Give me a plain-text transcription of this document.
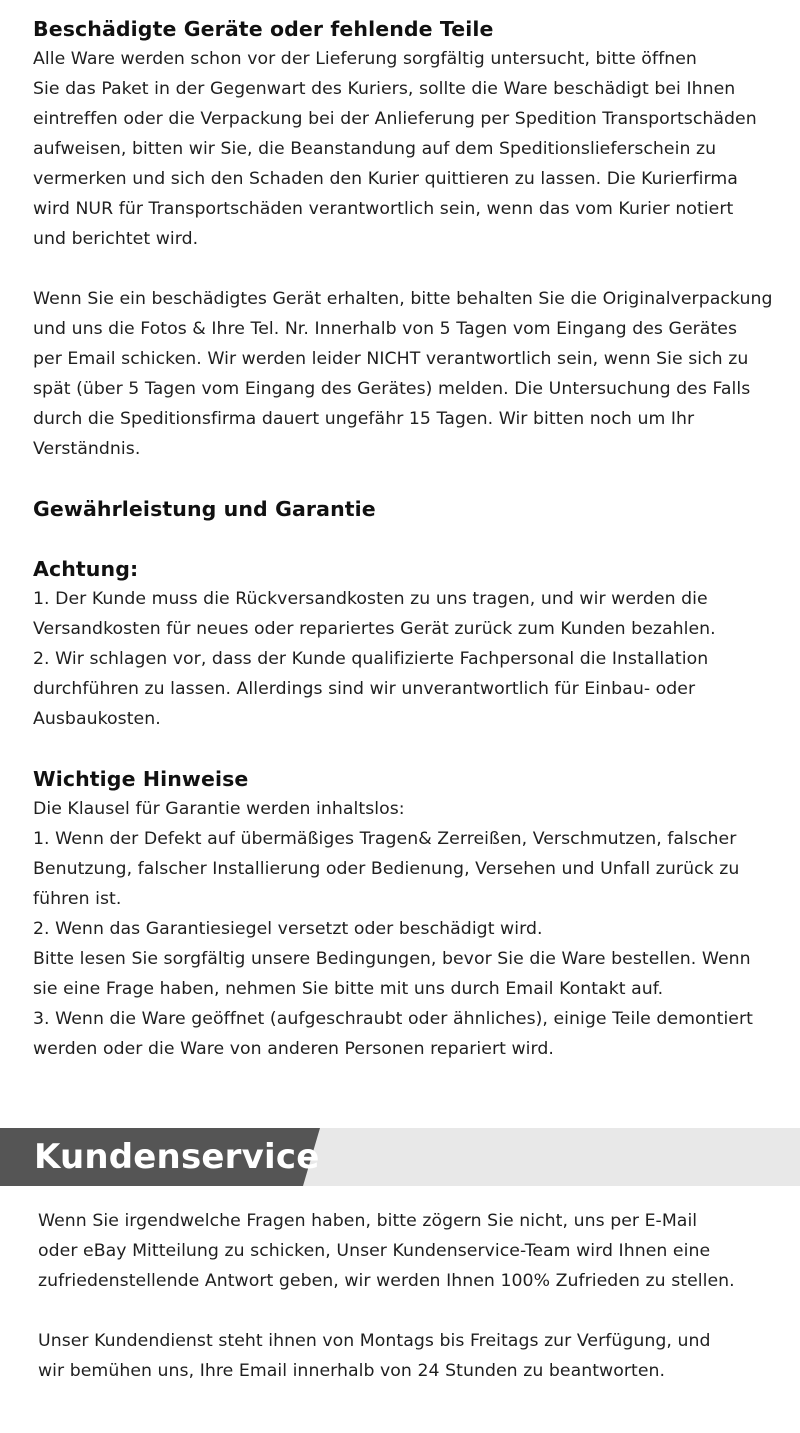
Beschädigte Geräte oder fehlende Teile
Alle Ware werden schon vor der Lieferung sorgfältig untersucht, bitte öffnen
Sie das Paket in der Gegenwart des Kuriers, sollte die Ware beschädigt bei Ihnen
eintreffen oder die Verpackung bei der Anlieferung per Spedition Transportschäden
aufweisen, bitten wir Sie, die Beanstandung auf dem Speditionslieferschein zu
vermerken und sich den Schaden den Kurier quittieren zu lassen. Die Kurierfirma
wird NUR für Transportschäden verantwortlich sein, wenn das vom Kurier notiert
und berichtet wird.
Wenn Sie ein beschädigtes Gerät erhalten, bitte behalten Sie die Originalverpackung
und uns die Fotos & Ihre Tel. Nr. Innerhalb von 5 Tagen vom Eingang des Gerätes
per Email schicken. Wir werden leider NICHT verantwortlich sein, wenn Sie sich zu
spät (über 5 Tagen vom Eingang des Gerätes) melden. Die Untersuchung des Falls
durch die Speditionsfirma dauert ungefähr 15 Tagen. Wir bitten noch um Ihr
Verständnis.
Gewährleistung und Garantie
Achtung:
1. Der Kunde muss die Rückversandkosten zu uns tragen, und wir werden die
Versandkosten für neues oder repariertes Gerät zurück zum Kunden bezahlen.
2. Wir schlagen vor, dass der Kunde qualifizierte Fachpersonal die Installation
durchführen zu lassen. Allerdings sind wir unverantwortlich für Einbau- oder
Ausbaukosten.
Wichtige Hinweise
Die Klausel für Garantie werden inhaltslos:
1. Wenn der Defekt auf übermäßiges Tragen& Zerreißen, Verschmutzen, falscher
Benutzung, falscher Installierung oder Bedienung, Versehen und Unfall zurück zu
führen ist.
2. Wenn das Garantiesiegel versetzt oder beschädigt wird.
Bitte lesen Sie sorgfältig unsere Bedingungen, bevor Sie die Ware bestellen. Wenn
sie eine Frage haben, nehmen Sie bitte mit uns durch Email Kontakt auf.
3. Wenn die Ware geöffnet (aufgeschraubt oder ähnliches), einige Teile demontiert
werden oder die Ware von anderen Personen repariert wird.
Kundenservice
Wenn Sie irgendwelche Fragen haben, bitte zögern Sie nicht, uns per E-Mail
oder eBay Mitteilung zu schicken, Unser Kundenservice-Team wird Ihnen eine
zufriedenstellende Antwort geben, wir werden Ihnen 100% Zufrieden zu stellen.
Unser Kundendienst steht ihnen von Montags bis Freitags zur Verfügung, und
wir bemühen uns, Ihre Email innerhalb von 24 Stunden zu beantworten.
